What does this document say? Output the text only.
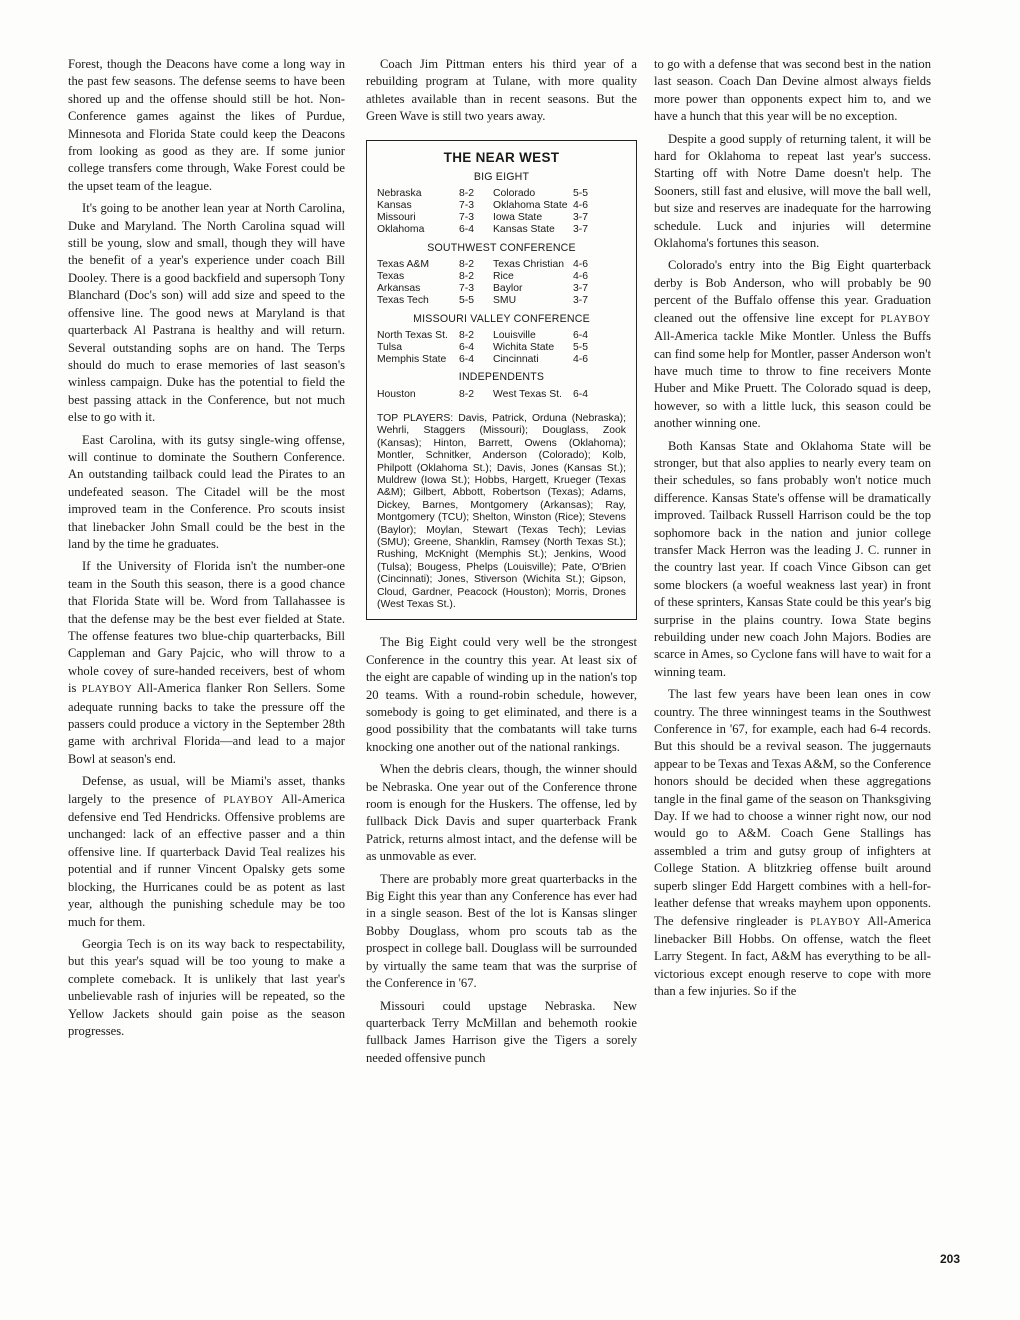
Forest, though the Deacons have come a long way in the past few seasons. The defense seems to have been shored up and the offense should still be hot. Non-Conference games against the likes of Purdue, Minnesota and Florida State could keep the Deacons from looking as good as they are. If some junior college transfers come through, Wake Forest could be the upset team of the league.

It's going to be another lean year at North Carolina, Duke and Maryland. The North Carolina squad will still be young, slow and small, though they will have the benefit of a year's experience under coach Bill Dooley. There is a good backfield and supersoph Tony Blanchard (Doc's son) will add size and speed to the offensive line. The good news at Maryland is that quarterback Al Pastrana is healthy and will return. Several outstanding sophs are on hand. The Terps should do much to erase memories of last season's winless campaign. Duke has the potential to field the best passing attack in the Conference, but not much else to go with it.

East Carolina, with its gutsy single-wing offense, will continue to dominate the Southern Conference. An outstanding tailback could lead the Pirates to an undefeated season. The Citadel will be the most improved team in the Conference. Pro scouts insist that linebacker John Small could be the best in the land by the time he graduates.

If the University of Florida isn't the number-one team in the South this season, there is a good chance that Florida State will be. Word from Tallahassee is that the defense may be the best ever fielded at State. The offense features two blue-chip quarterbacks, Bill Cappleman and Gary Pajcic, who will throw to a whole covey of sure-handed receivers, best of whom is PLAYBOY All-America flanker Ron Sellers. Some adequate running backs to take the pressure off the passers could produce a victory in the September 28th game with archrival Florida—and lead to a major Bowl at season's end.

Defense, as usual, will be Miami's asset, thanks largely to the presence of PLAYBOY All-America defensive end Ted Hendricks. Offensive problems are unchanged: lack of an effective passer and a thin offensive line. If quarterback David Teal realizes his potential and if runner Vincent Opalsky gets some blocking, the Hurricanes could be as potent as last year, although the punishing schedule may be too much for them.

Georgia Tech is on its way back to respectability, but this year's squad will be too young to make a complete comeback. It is unlikely that last year's unbelievable rash of injuries will be repeated, so the Yellow Jackets should gain poise as the season progresses.

Coach Jim Pittman enters his third year of a rebuilding program at Tulane, with more quality athletes available than in recent seasons. But the Green Wave is still two years away.

THE NEAR WEST
BIG EIGHT
Nebraska	8-2	Colorado	5-5
Kansas	7-3	Oklahoma State 4-6
Missouri	7-3	Iowa State	3-7
Oklahoma	6-4	Kansas State	3-7
SOUTHWEST CONFERENCE
Texas A&M	8-2	Texas Christian 4-6
Texas	8-2	Rice	4-6
Arkansas	7-3	Baylor	3-7
Texas Tech	5-5	SMU	3-7
MISSOURI VALLEY CONFERENCE
North Texas St.	8-2	Louisville	6-4
Tulsa	6-4	Wichita State	5-5
Memphis State	6-4	Cincinnati	4-6
INDEPENDENTS
Houston	8-2	West Texas St.	6-4
TOP PLAYERS: Davis, Patrick, Orduna (Nebraska); Wehrli, Staggers (Missouri); Douglass, Zook (Kansas); Hinton, Barrett, Owens (Oklahoma); Montler, Schnitker, Anderson (Colorado); Kolb, Philpott (Oklahoma St.); Davis, Jones (Kansas St.); Muldrew (Iowa St.); Hobbs, Hargett, Krueger (Texas A&M); Gilbert, Abbott, Robertson (Texas); Adams, Dickey, Barnes, Montgomery (Arkansas); Ray, Montgomery (TCU); Shelton, Winston (Rice); Stevens (Baylor); Moylan, Stewart (Texas Tech); Levias (SMU); Greene, Shanklin, Ramsey (North Texas St.); Rushing, McKnight (Memphis St.); Jenkins, Wood (Tulsa); Bougess, Phelps (Louisville); Pate, O'Brien (Cincinnati); Jones, Stiverson (Wichita St.); Gipson, Cloud, Gardner, Peacock (Houston); Morris, Drones (West Texas St.).

The Big Eight could very well be the strongest Conference in the country this year. At least six of the eight are capable of winding up in the nation's top 20 teams. With a round-robin schedule, however, somebody is going to get eliminated, and there is a good possibility that the combatants will take turns knocking one another out of the national rankings.

When the debris clears, though, the winner should be Nebraska. One year out of the Conference throne room is enough for the Huskers. The offense, led by fullback Dick Davis and super quarterback Frank Patrick, returns almost intact, and the defense will be as unmovable as ever.

There are probably more great quarterbacks in the Big Eight this year than any Conference has ever had in a single season. Best of the lot is Kansas slinger Bobby Douglass, whom pro scouts tab as the prospect in college ball. Douglass will be surrounded by virtually the same team that was the surprise of the Conference in '67.

Missouri could upstage Nebraska. New quarterback Terry McMillan and behemoth rookie fullback James Harrison give the Tigers a sorely needed offensive punch

to go with a defense that was second best in the nation last season. Coach Dan Devine almost always fields more power than opponents expect him to, and we have a hunch that this year will be no exception.

Despite a good supply of returning talent, it will be hard for Oklahoma to repeat last year's success. Starting off with Notre Dame doesn't help. The Sooners, still fast and elusive, will move the ball well, but size and reserves are inadequate for the harrowing schedule. Luck and injuries will determine Oklahoma's fortunes this season.

Colorado's entry into the Big Eight quarterback derby is Bob Anderson, who will probably be 90 percent of the Buffalo offense this year. Graduation cleaned out the offensive line except for PLAYBOY All-America tackle Mike Montler. Unless the Buffs can find some help for Montler, passer Anderson won't have much time to throw to fine receivers Monte Huber and Mike Pruett. The Colorado squad is deep, however, so with a little luck, this season could be another winning one.

Both Kansas State and Oklahoma State will be stronger, but that also applies to nearly every team on their schedules, so fans probably won't notice much difference. Kansas State's offense will be dramatically improved. Tailback Russell Harrison could be the top sophomore back in the nation and junior college transfer Mack Herron was the leading J. C. runner in the country last year. If coach Vince Gibson can get some blockers (a woeful weakness last year) in front of these sprinters, Kansas State could be this year's big surprise in the plains country. Iowa State begins rebuilding under new coach John Majors. Bodies are scarce in Ames, so Cyclone fans will have to wait for a winning team.

The last few years have been lean ones in cow country. The three winningest teams in the Southwest Conference in '67, for example, each had 6-4 records. But this should be a revival season. The juggernauts appear to be Texas and Texas A&M, so the Conference honors should be decided when these aggregations tangle in the final game of the season on Thanksgiving Day. If we had to choose a winner right now, our nod would go to A&M. Coach Gene Stallings has assembled a trim and gutsy group of infighters at College Station. A blitzkrieg offense built around superb slinger Edd Hargett combines with a hell-for-leather defense that wreaks mayhem upon opponents. The defensive ringleader is PLAYBOY All-America linebacker Bill Hobbs. On offense, watch the fleet Larry Stegent. In fact, A&M has everything to be all-victorious except enough reserve to cope with more than a few injuries. So if the

203
